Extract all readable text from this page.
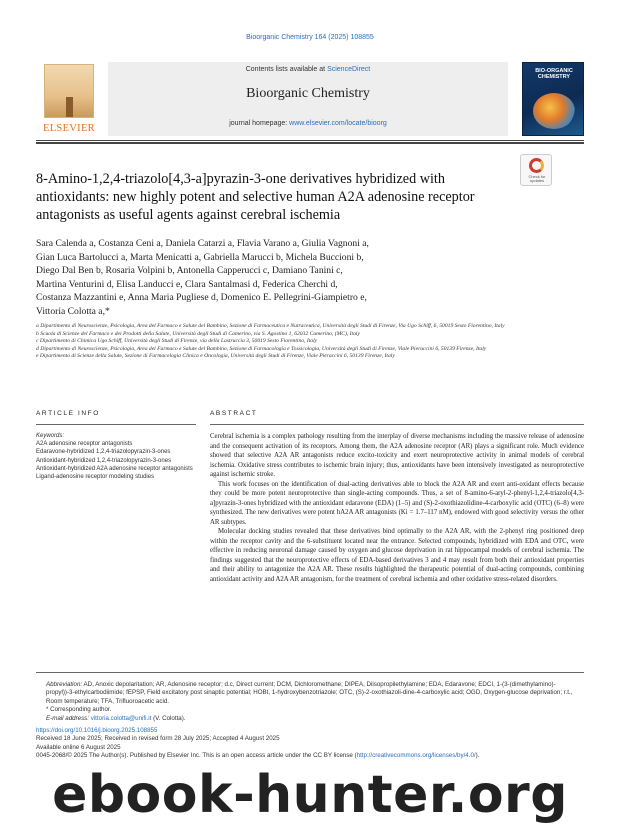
Bioorganic Chemistry 164 (2025) 108855
ELSEVIER
Contents lists available at ScienceDirect
Bioorganic Chemistry
journal homepage: www.elsevier.com/locate/bioorg
BIO-ORGANIC CHEMISTRY
8-Amino-1,2,4-triazolo[4,3-a]pyrazin-3-one derivatives hybridized with antioxidants: new highly potent and selective human A2A adenosine receptor antagonists as useful agents against cerebral ischemia
Check for updates
Sara Calenda a, Costanza Ceni a, Daniela Catarzi a, Flavia Varano a, Giulia Vagnoni a,
Gian Luca Bartolucci a, Marta Menicatti a, Gabriella Marucci b, Michela Buccioni b,
Diego Dal Ben b, Rosaria Volpini b, Antonella Capperucci c, Damiano Tanini c,
Martina Venturini d, Elisa Landucci e, Clara Santalmasi d, Federica Cherchi d,
Costanza Mazzantini e, Anna Maria Pugliese d, Domenico E. Pellegrini-Giampietro e,
Vittoria Colotta a,*
a Dipartimento di Neuroscienze, Psicologia, Area del Farmaco e Salute del Bambino, Sezione di Farmaceutica e Nutraceutica, Università degli Studi di Firenze, Via Ugo Schiff, 6, 50019 Sesto Fiorentino, Italy
b Scuola di Scienze del Farmaco e dei Prodotti della Salute, Università degli Studi di Camerino, via S. Agostino 1, 62032 Camerino, (MC), Italy
c Dipartimento di Chimica Ugo Schiff, Università degli Studi di Firenze, via della Lastruccia 3, 50019 Sesto Fiorentino, Italy
d Dipartimento di Neuroscienze, Psicologia, Area del Farmaco e Salute del Bambino, Sezione di Farmacologia e Tossicologia, Università degli Studi di Firenze, Viale Pieraccini 6, 50139 Firenze, Italy
e Dipartimento di Scienze della Salute, Sezione di Farmacologia Clinica e Oncologia, Università degli Studi di Firenze, Viale Pieraccini 6, 50139 Firenze, Italy
ARTICLE INFO	ABSTRACT
Keywords:
A2A adenosine receptor antagonists
Edaravone-hybridized 1,2,4-triazolopyrazin-3-ones
Antioxidant-hybridized 1,2,4-triazolopyrazin-3-ones
Antioxidant-hybridized A2A adenosine receptor antagonists
Ligand-adenosine receptor modeling studies

Cerebral ischemia is a complex pathology resulting from the interplay of diverse mechanisms including the massive release of adenosine and the consequent activation of its receptors. Among them, the A2A adenosine receptor (AR) plays a significant role. Much evidence showed that selective A2A AR antagonists reduce excito-toxicity and exert neuroprotective activity in animal models of cerebral ischemia. Oxidative stress contributes to ischemic brain injury; thus, antioxidants have been intensively investigated as neuroprotective against ischemic stroke.

This work focuses on the identification of dual-acting derivatives able to block the A2A AR and exert anti-oxidant effects because they could be more potent neuroprotective than single-acting compounds. Thus, a set of 8-amino-6-aryl-2-phenyl-1,2,4-triazolo[4,3-a]pyrazin-3-ones hybridized with the antioxidant edaravone (EDA) (1–5) and (S)-2-oxothiazolidine-4-carboxylic acid (OTC) (6–8) were synthesized. The new derivatives were potent hA2A AR antagonists (Ki = 1.7–117 nM), endowed with good selectivity versus the other AR subtypes.

Molecular docking studies revealed that these derivatives bind optimally to the A2A AR, with the 2-phenyl ring positioned deep within the receptor cavity and the 6-substituent located near the entrance. Selected compounds, hybridized with EDA and OTC, were effective in reducing neuronal damage caused by oxygen and glucose deprivation in rat hippocampal models of cerebral ischemia. The findings suggested that the neuroprotective effects of EDA-based derivatives 3 and 4 may result from both their antioxidant properties and their ability to antagonize the A2A AR. These results highlighted the therapeutic potential of dual-acting compounds, combining antioxidant activity and A2A AR antagonism, for the treatment of cerebral ischemia and other oxidative stress-related disorders.

Abbreviation: AD, Anoxic depolaritation; AR, Adenosine receptor; d.c, Direct current; DCM, Dichloromethane; DIPEA, Diisopropilethylamine; EDA, Edaravone; EDCI, 1-(3-(dimethylamino)-propyl))-3-ethylcarbodiimide; fEPSP, Field excitatory post sinaptic potential; HOBt, 1-hydroxybenzotriazole; OTC, (S)-2-oxothiazoli-dine-4-carboxylic acid; OGD, Oxygen-glucose deprivation; r.t., Room temperature; TFA, Trifluoroacetic acid.
* Corresponding author.
E-mail address: vittoria.colotta@unifi.it (V. Colotta).
https://doi.org/10.1016/j.bioorg.2025.108855
Received 18 June 2025; Received in revised form 28 July 2025; Accepted 4 August 2025
Available online 6 August 2025
0045-2068/© 2025 The Author(s). Published by Elsevier Inc. This is an open access article under the CC BY license (http://creativecommons.org/licenses/by/4.0/).
ebook-hunter.org
